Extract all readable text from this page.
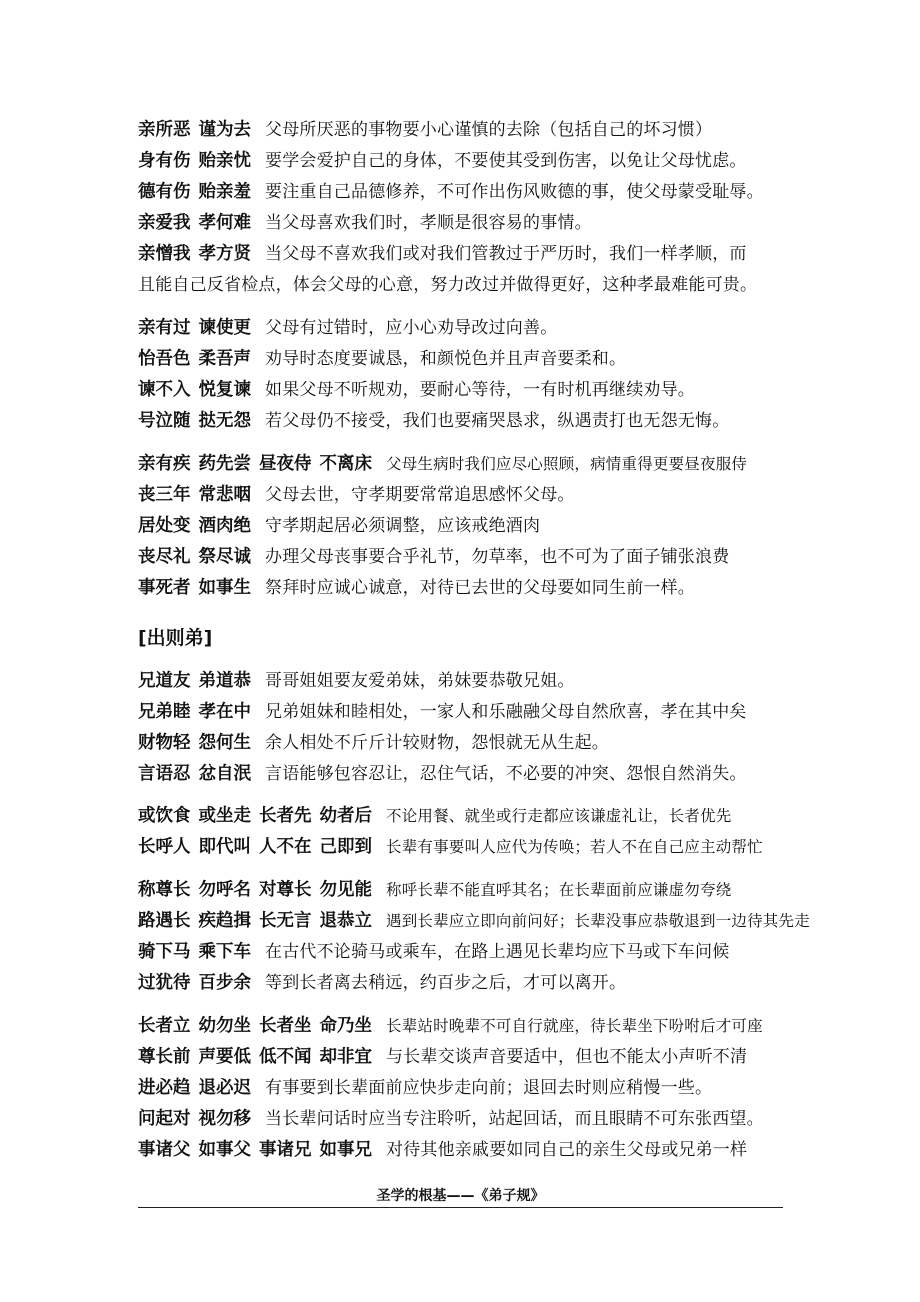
亲所恶 谨为去 父母所厌恶的事物要小心谨慎的去除（包括自己的坏习惯）
身有伤 贻亲忧 要学会爱护自己的身体，不要使其受到伤害，以免让父母忧虑。
德有伤 贻亲羞 要注重自己品德修养，不可作出伤风败德的事，使父母蒙受耻辱。
亲爱我 孝何难 当父母喜欢我们时，孝顺是很容易的事情。
亲憎我 孝方贤 当父母不喜欢我们或对我们管教过于严历时，我们一样孝顺，而
且能自己反省检点，体会父母的心意，努力改过并做得更好，这种孝最难能可贵。
亲有过 谏使更 父母有过错时，应小心劝导改过向善。
怡吾色 柔吾声 劝导时态度要诚恳，和颜悦色并且声音要柔和。
谏不入 悦复谏 如果父母不听规劝，要耐心等待，一有时机再继续劝导。
号泣随 挞无怨 若父母仍不接受，我们也要痛哭恳求，纵遇责打也无怨无悔。
亲有疾 药先尝 昼夜侍 不离床 父母生病时我们应尽心照顾，病情重得更要昼夜服侍
丧三年 常悲咽 父母去世，守孝期要常常追思感怀父母。
居处变 酒肉绝 守孝期起居必须调整，应该戒绝酒肉
丧尽礼 祭尽诚 办理父母丧事要合乎礼节，勿草率，也不可为了面子铺张浪费
事死者 如事生 祭拜时应诚心诚意，对待已去世的父母要如同生前一样。
兄道友 弟道恭 哥哥姐姐要友爱弟妹，弟妹要恭敬兄姐。
兄弟睦 孝在中 兄弟姐妹和睦相处，一家人和乐融融父母自然欣喜，孝在其中矣
财物轻 怨何生 余人相处不斤斤计较财物，怨恨就无从生起。
言语忍 忿自泯 言语能够包容忍让，忍住气话，不必要的冲突、怨恨自然消失。
或饮食 或坐走 长者先 幼者后 不论用餐、就坐或行走都应该谦虚礼让，长者优先
长呼人 即代叫 人不在 己即到 长辈有事要叫人应代为传唤；若人不在自己应主动帮忙
称尊长 勿呼名 对尊长 勿见能 称呼长辈不能直呼其名；在长辈面前应谦虚勿夸绕
路遇长 疾趋揖 长无言 退恭立 遇到长辈应立即向前问好；长辈没事应恭敬退到一边待其先走
骑下马 乘下车 在古代不论骑马或乘车，在路上遇见长辈均应下马或下车问候
过犹待 百步余 等到长者离去稍远，约百步之后，才可以离开。
长者立 幼勿坐 长者坐 命乃坐 长辈站时晚辈不可自行就座，待长辈坐下吩咐后才可座
尊长前 声要低 低不闻 却非宜 与长辈交谈声音要适中，但也不能太小声听不清
进必趋 退必迟 有事要到长辈面前应快步走向前；退回去时则应稍慢一些。
问起对 视勿移 当长辈问话时应当专注聆听，站起回话，而且眼睛不可东张西望。
事诸父 如事父 事诸兄 如事兄 对待其他亲戚要如同自己的亲生父母或兄弟一样
[出则弟]
圣学的根基——《弟子规》
